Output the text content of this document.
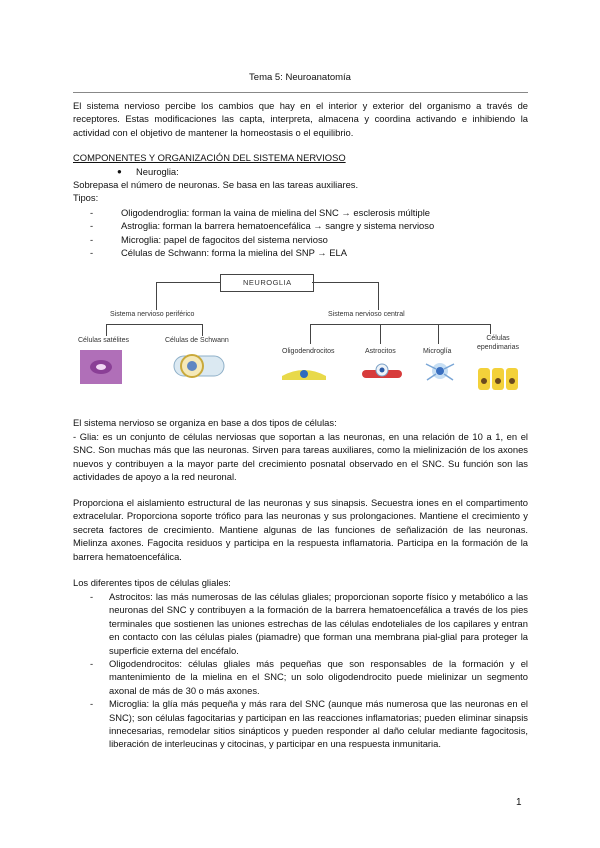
Tema 5: Neuroanatomía
El sistema nervioso percibe los cambios que hay en el interior y exterior del organismo a través de receptores. Estas modificaciones las capta, interpreta, almacena y coordina activando e inhibiendo la actividad con el objetivo de mantener la homeostasis o el equilibrio.
COMPONENTES Y ORGANIZACIÓN DEL SISTEMA NERVIOSO
● Neuroglia:
Sobrepasa el número de neuronas. Se basa en las tareas auxiliares.
Tipos:
-	Oligodendroglia: forman la vaina de mielina del SNC → esclerosis múltiple
-	Astroglia: forman la barrera hematoencefálica → sangre y sistema nervioso
-	Microglia: papel de fagocitos del sistema nervioso
-	Células de Schwann: forma la mielina del SNP → ELA
NEUROGLIA
Sistema nervioso periférico	Sistema nervioso central
Células satélites	Células de Schwann
Oligodendrocitos	Astrocitos	Microglía
Células ependimarias
El sistema nervioso se organiza en base a dos tipos de células:
- Glia: es un conjunto de células nerviosas que soportan a las neuronas, en una relación de 10 a 1, en el SNC. Son muchas más que las neuronas. Sirven para tareas auxiliares, como la mielinización de los axones nuevos y contribuyen a la mayor parte del crecimiento posnatal observado en el SNC. Su función son las actividades de apoyo a la red neuronal.
Proporciona el aislamiento estructural de las neuronas y sus sinapsis. Secuestra iones en el compartimento extracelular. Proporciona soporte trófico para las neuronas y sus prolongaciones. Mantiene el crecimiento y secreta factores de crecimiento. Mantiene algunas de las funciones de señalización de las neuronas. Mielinza axones. Fagocita residuos y participa en la respuesta inflamatoria. Participa en la formación de la barrera hematoencefálica.
Los diferentes tipos de células gliales:
- Astrocitos: las más numerosas de las células gliales; proporcionan soporte físico y metabólico a las neuronas del SNC y contribuyen a la formación de la barrera hematoencefálica a través de los pies terminales que sostienen las uniones estrechas de las células endoteliales de los capilares y entran en contacto con las células piales (piamadre) que forman una membrana pial-glial para proteger la superficie externa del encéfalo.
- Oligodendrocitos: células gliales más pequeñas que son responsables de la formación y el mantenimiento de la mielina en el SNC; un solo oligodendrocito puede mielinizar un segmento axonal de más de 30 o más axones.
- Microglia: la glía más pequeña y más rara del SNC (aunque más numerosa que las neuronas en el SNC); son células fagocitarias y participan en las reacciones inflamatorias; pueden eliminar sinapsis innecesarias, remodelar sitios sinápticos y pueden responder al daño celular mediante fagocitosis, liberación de interleucinas y citocinas, y participar en una respuesta inmunitaria.
1
